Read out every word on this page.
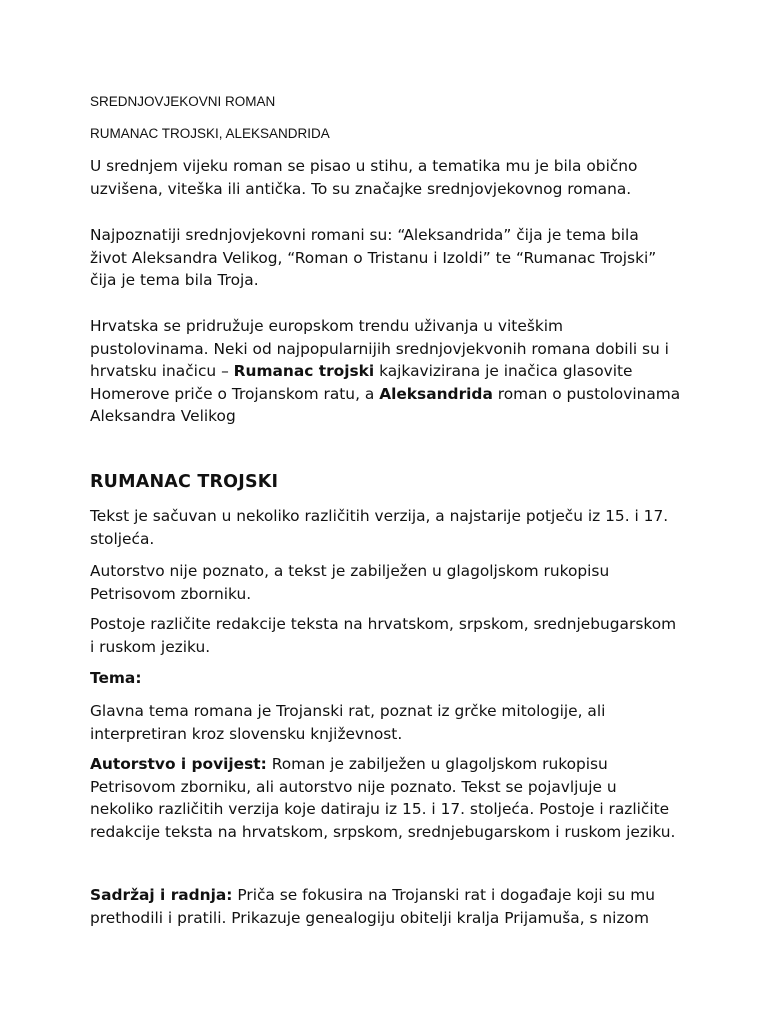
SREDNJOVJEKOVNI ROMAN
RUMANAC TROJSKI, ALEKSANDRIDA
U srednjem vijeku roman se pisao u stihu, a tematika mu je bila obično
uzvišena, viteška ili antička. To su značajke srednjovjekovnog romana.
Najpoznatiji srednjovjekovni romani su: “Aleksandrida” čija je tema bila
život Aleksandra Velikog, “Roman o Tristanu i Izoldi” te “Rumanac Trojski”
čija je tema bila Troja.
Hrvatska se pridružuje europskom trendu uživanja u viteškim
pustolovinama. Neki od najpopularnijih srednjovjekvonih romana dobili su i
hrvatsku inačicu – Rumanac trojski kajkavizirana je inačica glasovite
Homerove priče o Trojanskom ratu, a Aleksandrida roman o pustolovinama
Aleksandra Velikog
RUMANAC TROJSKI
Tekst je sačuvan u nekoliko različitih verzija, a najstarije potječu iz 15. i 17.
stoljeća.
Autorstvo nije poznato, a tekst je zabilježen u glagoljskom rukopisu
Petrisovom zborniku.
Postoje različite redakcije teksta na hrvatskom, srpskom, srednjebugarskom
i ruskom jeziku.
Tema:
Glavna tema romana je Trojanski rat, poznat iz grčke mitologije, ali
interpretiran kroz slovensku književnost.
Autorstvo i povijest: Roman je zabilježen u glagoljskom rukopisu
Petrisovom zborniku, ali autorstvo nije poznato. Tekst se pojavljuje u
nekoliko različitih verzija koje datiraju iz 15. i 17. stoljeća. Postoje i različite
redakcije teksta na hrvatskom, srpskom, srednjebugarskom i ruskom jeziku.
Sadržaj i radnja: Priča se fokusira na Trojanski rat i događaje koji su mu
prethodili i pratili. Prikazuje genealogiju obitelji kralja Prijamuša, s nizom
